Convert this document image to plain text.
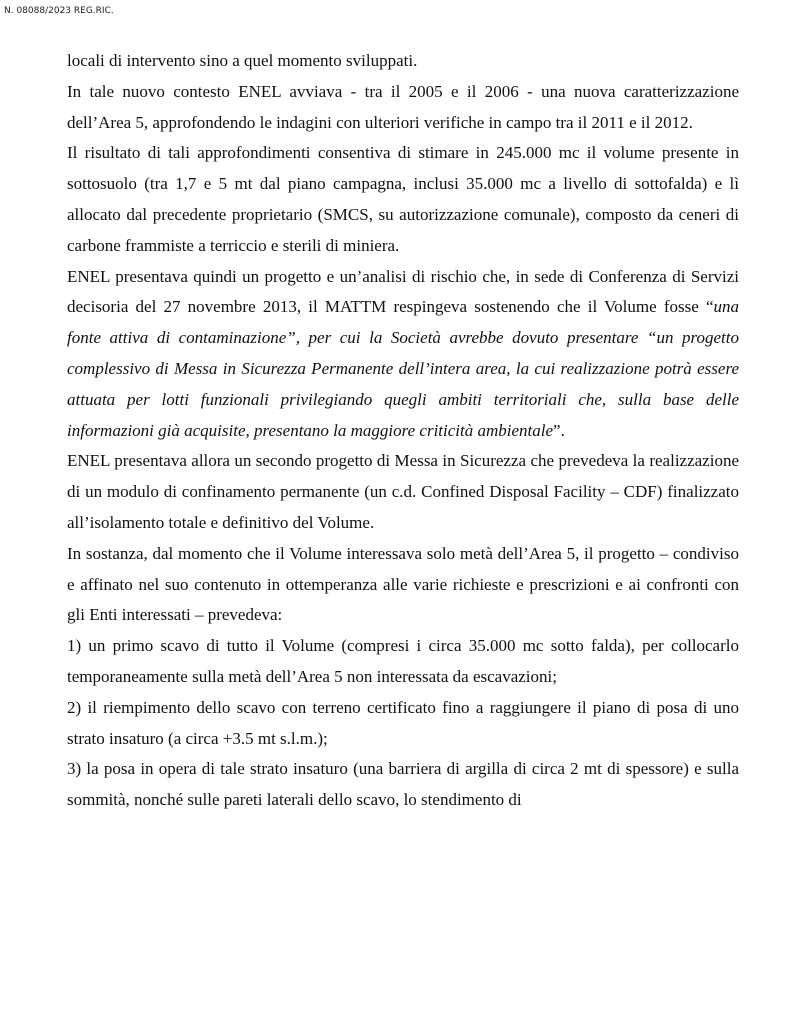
N. 08088/2023 REG.RIC.

locali di intervento sino a quel momento sviluppati.

In tale nuovo contesto ENEL avviava - tra il 2005 e il 2006 - una nuova caratterizzazione dell’Area 5, approfondendo le indagini con ulteriori verifiche in campo tra il 2011 e il 2012.

Il risultato di tali approfondimenti consentiva di stimare in 245.000 mc il volume presente in sottosuolo (tra 1,7 e 5 mt dal piano campagna, inclusi 35.000 mc a livello di sottofalda) e lì allocato dal precedente proprietario (SMCS, su autorizzazione comunale), composto da ceneri di carbone frammiste a terriccio e sterili di miniera.

ENEL presentava quindi un progetto e un’analisi di rischio che, in sede di Conferenza di Servizi decisoria del 27 novembre 2013, il MATTM respingeva sostenendo che il Volume fosse “una fonte attiva di contaminazione”, per cui la Società avrebbe dovuto presentare “un progetto complessivo di Messa in Sicurezza Permanente dell’intera area, la cui realizzazione potrà essere attuata per lotti funzionali privilegiando quegli ambiti territoriali che, sulla base delle informazioni già acquisite, presentano la maggiore criticità ambientale”.

ENEL presentava allora un secondo progetto di Messa in Sicurezza che prevedeva la realizzazione di un modulo di confinamento permanente (un c.d. Confined Disposal Facility – CDF) finalizzato all’isolamento totale e definitivo del Volume.

In sostanza, dal momento che il Volume interessava solo metà dell’Area 5, il progetto – condiviso e affinato nel suo contenuto in ottemperanza alle varie richieste e prescrizioni e ai confronti con gli Enti interessati – prevedeva:

1) un primo scavo di tutto il Volume (compresi i circa 35.000 mc sotto falda), per collocarlo temporaneamente sulla metà dell’Area 5 non interessata da escavazioni;

2) il riempimento dello scavo con terreno certificato fino a raggiungere il piano di posa di uno strato insaturo (a circa +3.5 mt s.l.m.);

3) la posa in opera di tale strato insaturo (una barriera di argilla di circa 2 mt di spessore) e sulla sommità, nonché sulle pareti laterali dello scavo, lo stendimento di
